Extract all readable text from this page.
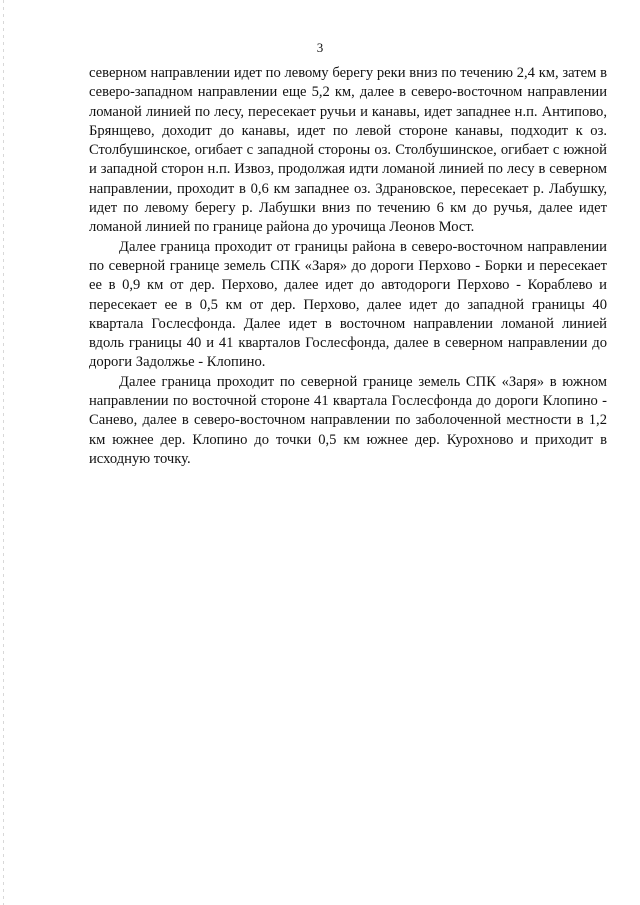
3

северном направлении идет по левому берегу реки вниз по течению 2,4 км, затем в северо-западном направлении еще 5,2 км, далее в северо-восточном направлении ломаной линией по лесу, пересекает ручьи и канавы, идет западнее н.п. Антипово, Брянщево, доходит до канавы, идет по левой стороне канавы, подходит к оз. Столбушинское, огибает с западной стороны оз. Столбушинское, огибает с южной и западной сторон н.п. Извоз, продолжая идти ломаной линией по лесу в северном направлении, проходит в 0,6 км западнее оз. Здрановское, пересекает р. Лабушку, идет по левому берегу р. Лабушки вниз по течению 6 км до ручья, далее идет ломаной линией по границе района до урочища Леонов Мост.

Далее граница проходит от границы района в северо-восточном направлении по северной границе земель СПК «Заря» до дороги Перхово - Борки и пересекает ее в 0,9 км от дер. Перхово, далее идет до автодороги Перхово - Кораблево и пересекает ее в 0,5 км от дер. Перхово, далее идет до западной границы 40 квартала Гослесфонда. Далее идет в восточном направлении ломаной линией вдоль границы 40 и 41 кварталов Гослесфонда, далее в северном направлении до дороги Задолжье - Клопино.

Далее граница проходит по северной границе земель СПК «Заря» в южном направлении по восточной стороне 41 квартала Гослесфонда до дороги Клопино - Санево, далее в северо-восточном направлении по заболоченной местности в 1,2 км южнее дер. Клопино до точки 0,5 км южнее дер. Курохново и приходит в исходную точку.
